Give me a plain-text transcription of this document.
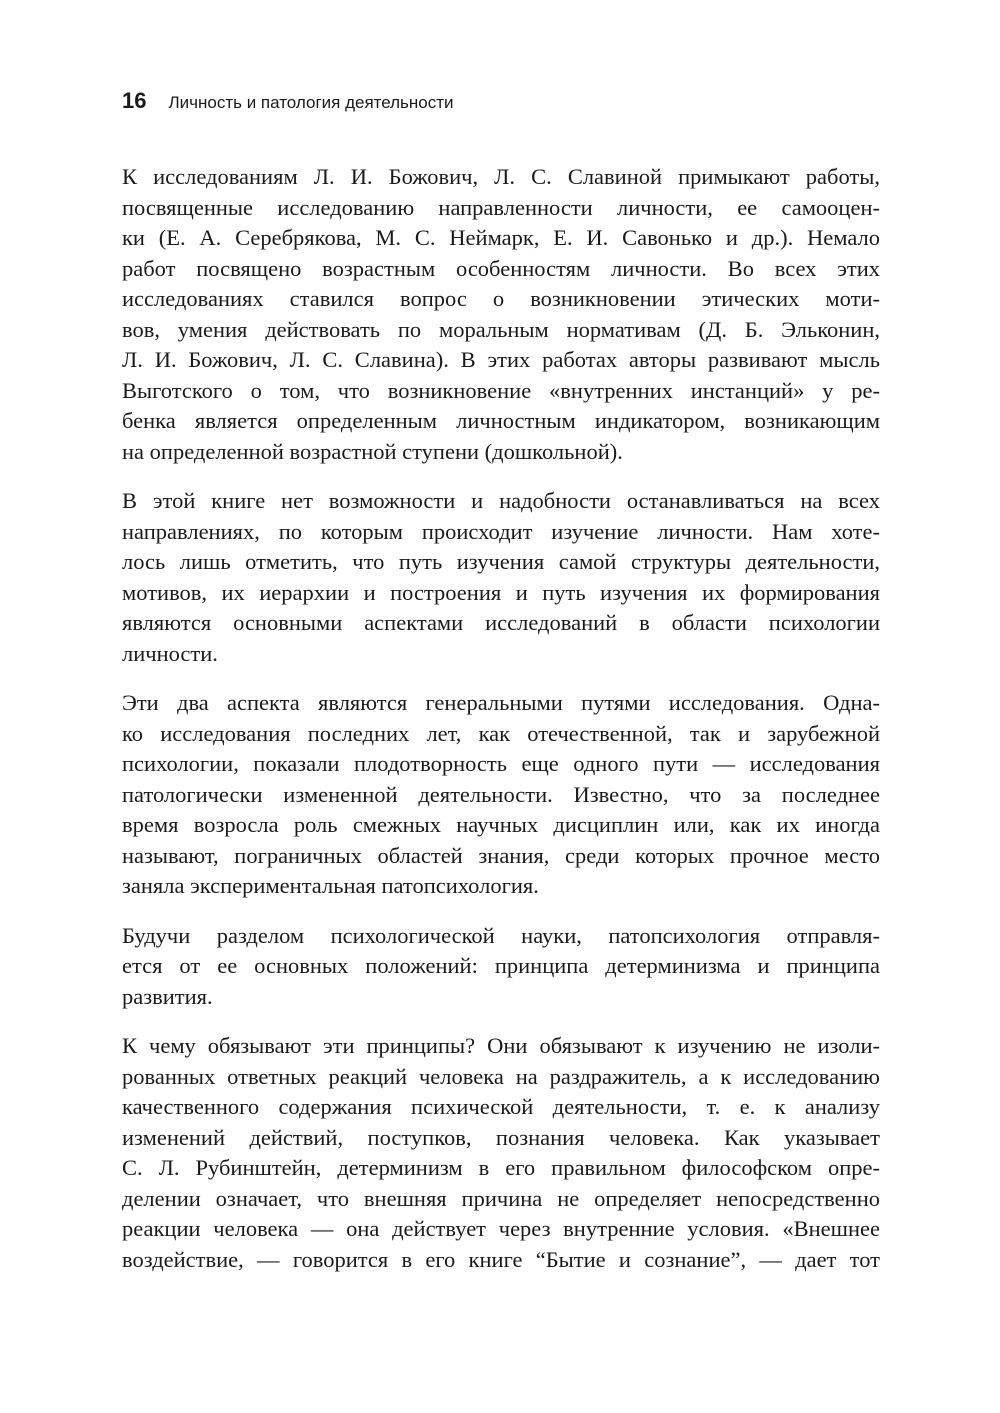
16 Личность и патология деятельности
К исследованиям Л. И. Божович, Л. С. Славиной примыкают работы,
посвященные исследованию направленности личности, ее самооцен-
ки (Е. А. Серебрякова, М. С. Неймарк, Е. И. Савонько и др.). Немало
работ посвящено возрастным особенностям личности. Во всех этих
исследованиях ставился вопрос о возникновении этических моти-
вов, умения действовать по моральным нормативам (Д. Б. Эльконин,
Л. И. Божович, Л. С. Славина). В этих работах авторы развивают мысль
Выготского о том, что возникновение «внутренних инстанций» у ре-
бенка является определенным личностным индикатором, возникающим
на определенной возрастной ступени (дошкольной).
В этой книге нет возможности и надобности останавливаться на всех
направлениях, по которым происходит изучение личности. Нам хоте-
лось лишь отметить, что путь изучения самой структуры деятельности,
мотивов, их иерархии и построения и путь изучения их формирования
являются основными аспектами исследований в области психологии
личности.
Эти два аспекта являются генеральными путями исследования. Одна-
ко исследования последних лет, как отечественной, так и зарубежной
психологии, показали плодотворность еще одного пути — исследования
патологически измененной деятельности. Известно, что за последнее
время возросла роль смежных научных дисциплин или, как их иногда
называют, пограничных областей знания, среди которых прочное место
заняла экспериментальная патопсихология.
Будучи разделом психологической науки, патопсихология отправля-
ется от ее основных положений: принципа детерминизма и принципа
развития.
К чему обязывают эти принципы? Они обязывают к изучению не изоли-
рованных ответных реакций человека на раздражитель, а к исследованию
качественного содержания психической деятельности, т. е. к анализу
изменений действий, поступков, познания человека. Как указывает
С. Л. Рубинштейн, детерминизм в его правильном философском опре-
делении означает, что внешняя причина не определяет непосредственно
реакции человека — она действует через внутренние условия. «Внешнее
воздействие, — говорится в его книге “Бытие и сознание”, — дает тот
